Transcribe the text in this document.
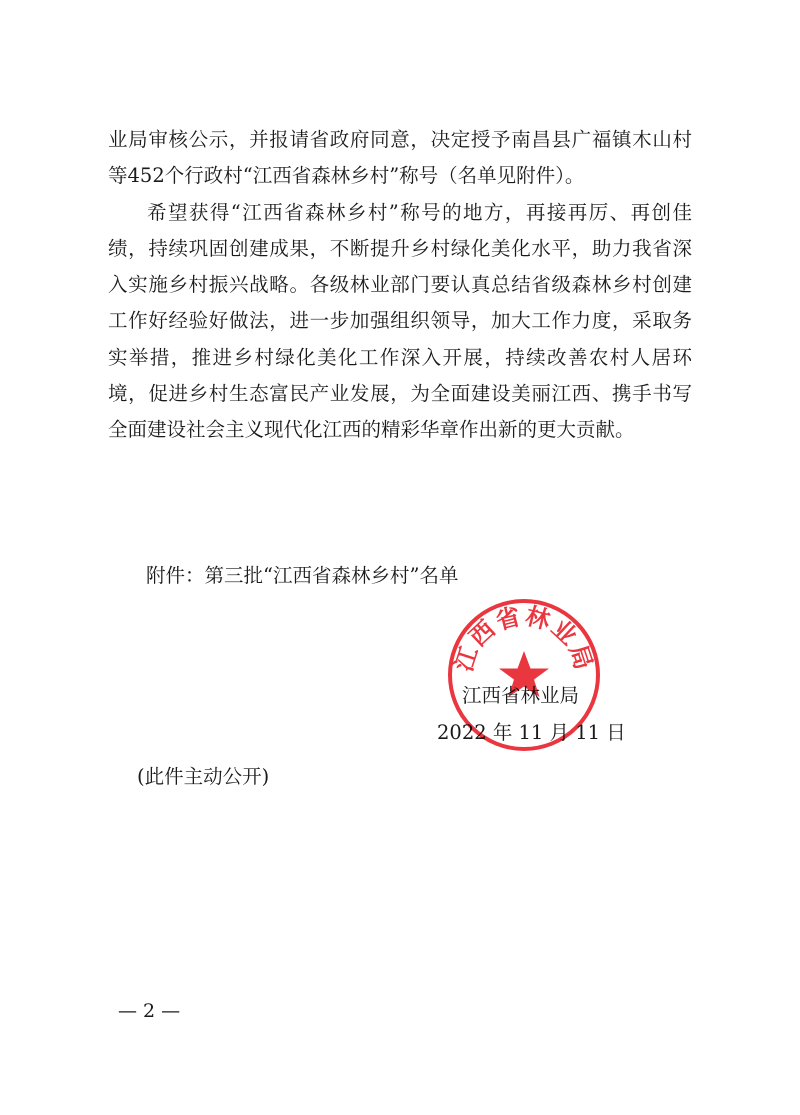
业局审核公示，并报请省政府同意，决定授予南昌县广福镇木山村等452个行政村“江西省森林乡村”称号（名单见附件）。

希望获得“江西省森林乡村”称号的地方，再接再厉、再创佳绩，持续巩固创建成果，不断提升乡村绿化美化水平，助力我省深入实施乡村振兴战略。各级林业部门要认真总结省级森林乡村创建工作好经验好做法，进一步加强组织领导，加大工作力度，采取务实举措，推进乡村绿化美化工作深入开展，持续改善农村人居环境，促进乡村生态富民产业发展，为全面建设美丽江西、携手书写全面建设社会主义现代化江西的精彩华章作出新的更大贡献。

附件：第三批“江西省森林乡村”名单
江西省林业局
2022 年 11 月 11 日
江西省林业局
(此件主动公开)
— 2 —
